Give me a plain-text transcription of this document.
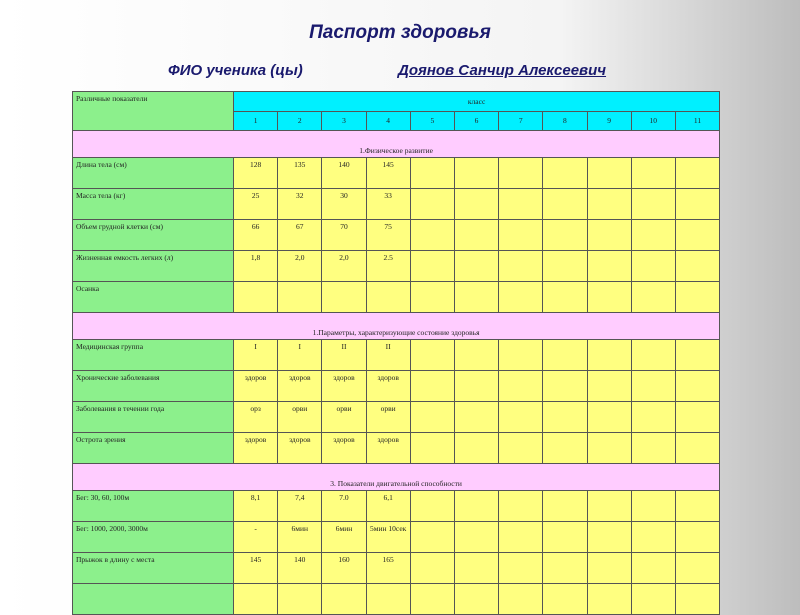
Паспорт здоровья
ФИО ученика (цы)	Доянов Санчир Алексеевич
Различные показатели	класс										
	1	2	3	4	5	6	7	8	9	10	11
1.Физическое развитие											
Длина тела (см)	128	135	140	145							
Масса тела (кг)	25	32	30	33							
Объем грудной клетки (см)	66	67	70	75							
Жизненная емкость легких (л)	1,8	2,0	2,0	2.5							
Осанка											
1.Параметры, характеризующие состояние здоровья											
Медицинская группа	I	I	II	II							
Хронические заболевания	здоров	здоров	здоров	здоров							
Заболевания в течении года	орз	орви	орви	орви							
Острота зрения	здоров	здоров	здоров	здоров							
3. Показатели двигательной способности											
Бег: 30, 60, 100м	8,1	7,4	7.0	6,1							
Бег: 1000, 2000, 3000м	-	6мин	6мин	5мин 10сек							
Прыжок в длину с места	145	140	160	165							
